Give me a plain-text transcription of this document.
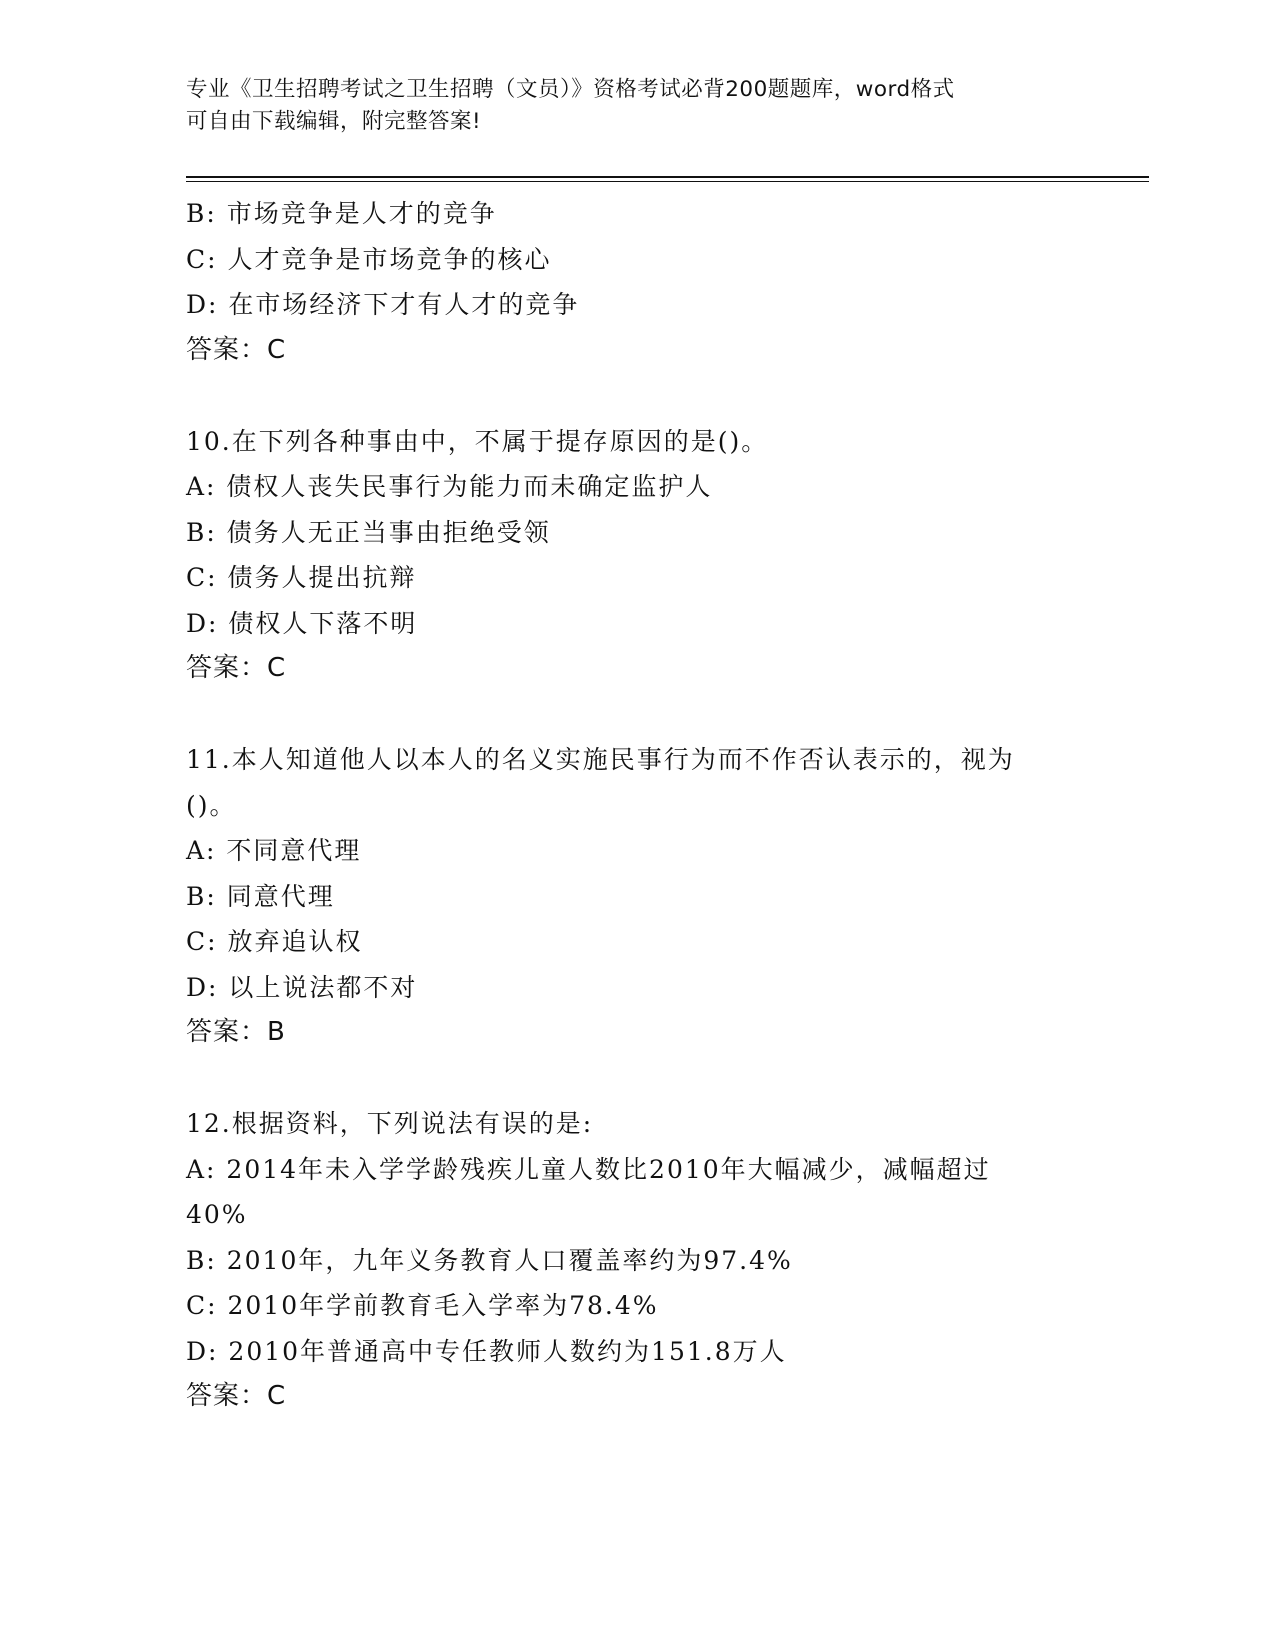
专业《卫生招聘考试之卫生招聘（文员）》资格考试必背200题题库，word格式
可自由下载编辑，附完整答案!
B: 市场竞争是人才的竞争
C: 人才竞争是市场竞争的核心
D: 在市场经济下才有人才的竞争
答案：C
10.在下列各种事由中，不属于提存原因的是()。
A: 债权人丧失民事行为能力而未确定监护人
B: 债务人无正当事由拒绝受领
C: 债务人提出抗辩
D: 债权人下落不明
答案：C
11.本人知道他人以本人的名义实施民事行为而不作否认表示的，视为
()。
A: 不同意代理
B: 同意代理
C: 放弃追认权
D: 以上说法都不对
答案：B
12.根据资料，下列说法有误的是:
A: 2014年未入学学龄残疾儿童人数比2010年大幅减少，减幅超过
40%
B: 2010年，九年义务教育人口覆盖率约为97.4%
C: 2010年学前教育毛入学率为78.4%
D: 2010年普通高中专任教师人数约为151.8万人
答案：C
